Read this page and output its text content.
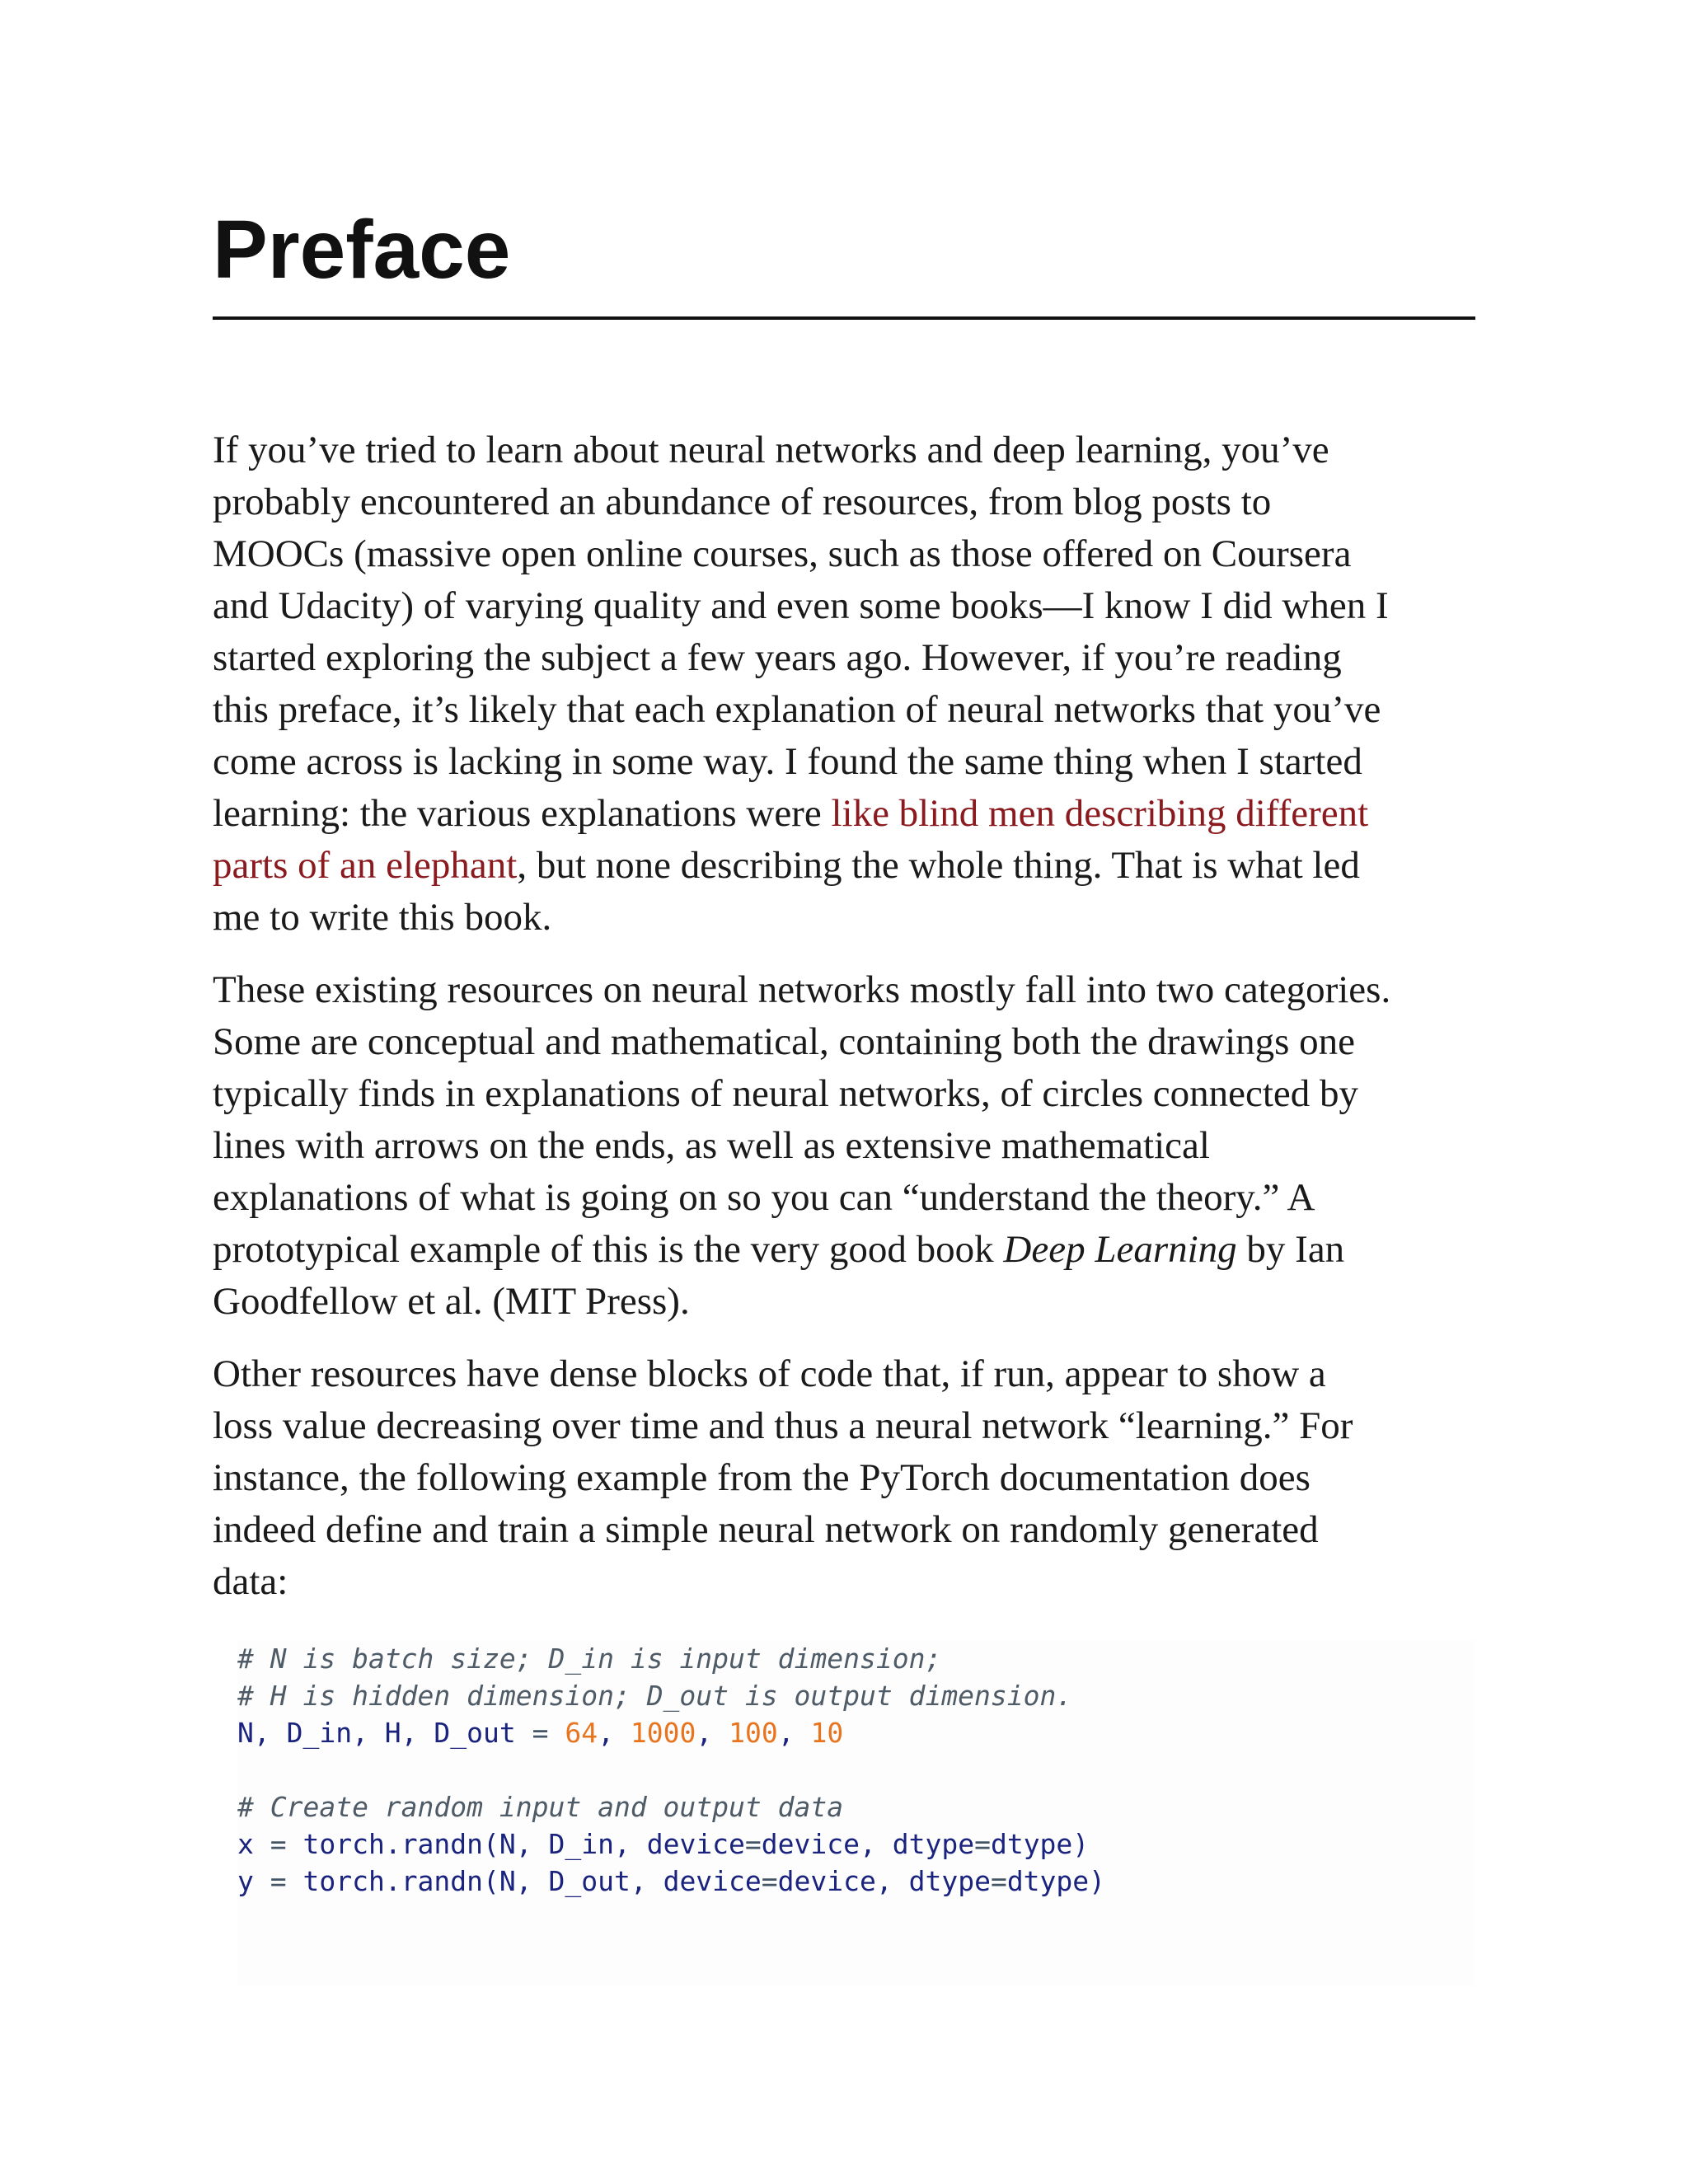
Preface

If you’ve tried to learn about neural networks and deep learning, you’ve
probably encountered an abundance of resources, from blog posts to
MOOCs (massive open online courses, such as those offered on Coursera
and Udacity) of varying quality and even some books—I know I did when I
started exploring the subject a few years ago. However, if you’re reading
this preface, it’s likely that each explanation of neural networks that you’ve
come across is lacking in some way. I found the same thing when I started
learning: the various explanations were like blind men describing different
parts of an elephant, but none describing the whole thing. That is what led
me to write this book.

These existing resources on neural networks mostly fall into two categories.
Some are conceptual and mathematical, containing both the drawings one
typically finds in explanations of neural networks, of circles connected by
lines with arrows on the ends, as well as extensive mathematical
explanations of what is going on so you can “understand the theory.” A
prototypical example of this is the very good book Deep Learning by Ian
Goodfellow et al. (MIT Press).

Other resources have dense blocks of code that, if run, appear to show a
loss value decreasing over time and thus a neural network “learning.” For
instance, the following example from the PyTorch documentation does
indeed define and train a simple neural network on randomly generated
data:

# N is batch size; D_in is input dimension;
# H is hidden dimension; D_out is output dimension.
N, D_in, H, D_out = 64, 1000, 100, 10
# Create random input and output data
x = torch.randn(N, D_in, device=device, dtype=dtype)
y = torch.randn(N, D_out, device=device, dtype=dtype)
